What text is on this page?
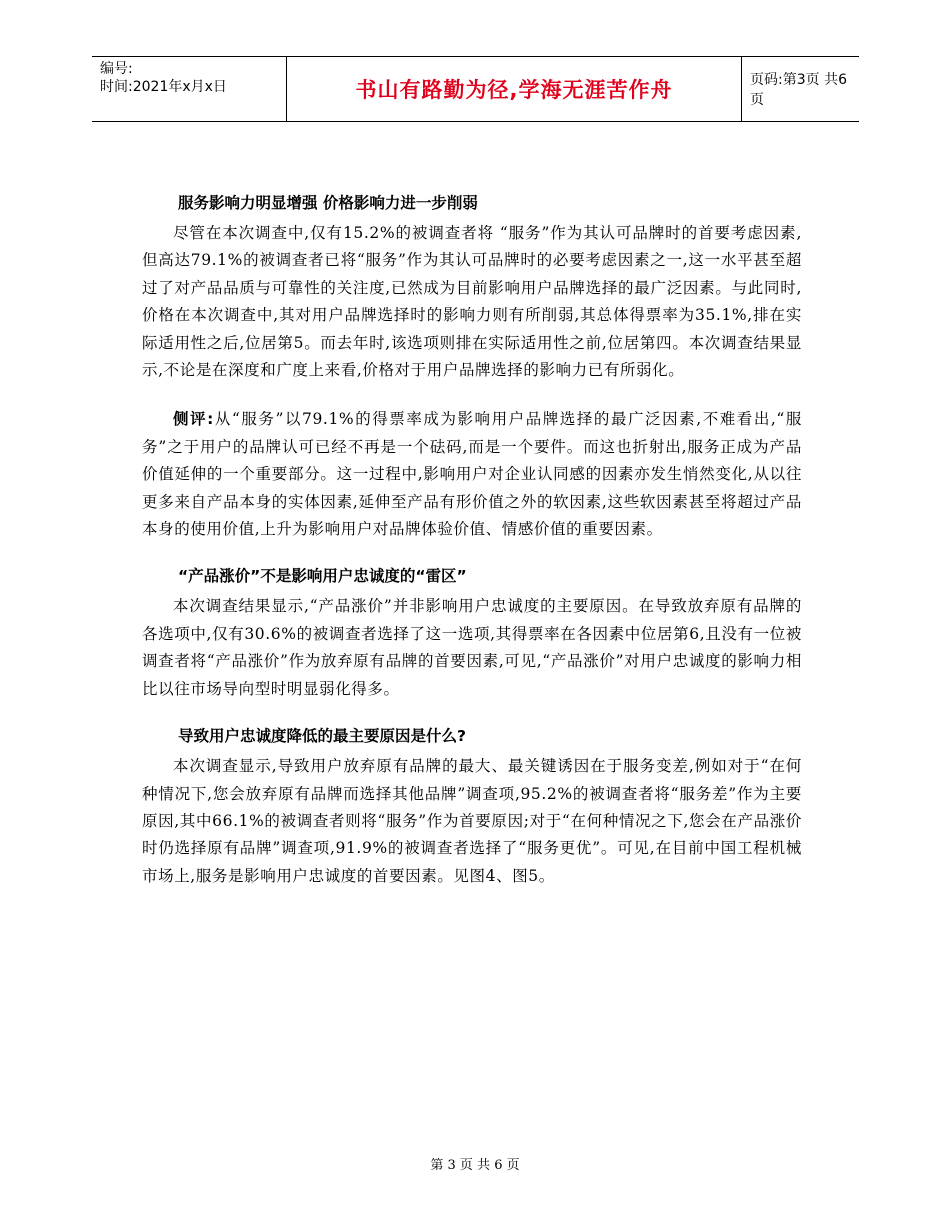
编号:
时间:2021年x月x日	书山有路勤为径,学海无涯苦作舟	页码:第3页 共6页
服务影响力明显增强 价格影响力进一步削弱

尽管在本次调查中,仅有15.2%的被调查者将 “服务”作为其认可品牌时的首要考虑因素,但高达79.1%的被调查者已将“服务”作为其认可品牌时的必要考虑因素之一,这一水平甚至超过了对产品品质与可靠性的关注度,已然成为目前影响用户品牌选择的最广泛因素。与此同时,价格在本次调查中,其对用户品牌选择时的影响力则有所削弱,其总体得票率为35.1%,排在实际适用性之后,位居第5。而去年时,该选项则排在实际适用性之前,位居第四。本次调查结果显示,不论是在深度和广度上来看,价格对于用户品牌选择的影响力已有所弱化。

侧评:从“服务”以79.1%的得票率成为影响用户品牌选择的最广泛因素,不难看出,“服务”之于用户的品牌认可已经不再是一个砝码,而是一个要件。而这也折射出,服务正成为产品价值延伸的一个重要部分。这一过程中,影响用户对企业认同感的因素亦发生悄然变化,从以往更多来自产品本身的实体因素,延伸至产品有形价值之外的软因素,这些软因素甚至将超过产品本身的使用价值,上升为影响用户对品牌体验价值、情感价值的重要因素。

“产品涨价”不是影响用户忠诚度的“雷区”

本次调查结果显示,“产品涨价”并非影响用户忠诚度的主要原因。在导致放弃原有品牌的各选项中,仅有30.6%的被调查者选择了这一选项,其得票率在各因素中位居第6,且没有一位被调查者将“产品涨价”作为放弃原有品牌的首要因素,可见,“产品涨价”对用户忠诚度的影响力相比以往市场导向型时明显弱化得多。

导致用户忠诚度降低的最主要原因是什么?

本次调查显示,导致用户放弃原有品牌的最大、最关键诱因在于服务变差,例如对于“在何种情况下,您会放弃原有品牌而选择其他品牌”调查项,95.2%的被调查者将“服务差”作为主要原因,其中66.1%的被调查者则将“服务”作为首要原因;对于“在何种情况之下,您会在产品涨价时仍选择原有品牌”调查项,91.9%的被调查者选择了“服务更优”。可见,在目前中国工程机械市场上,服务是影响用户忠诚度的首要因素。见图4、图5。

第 3 页 共 6 页
